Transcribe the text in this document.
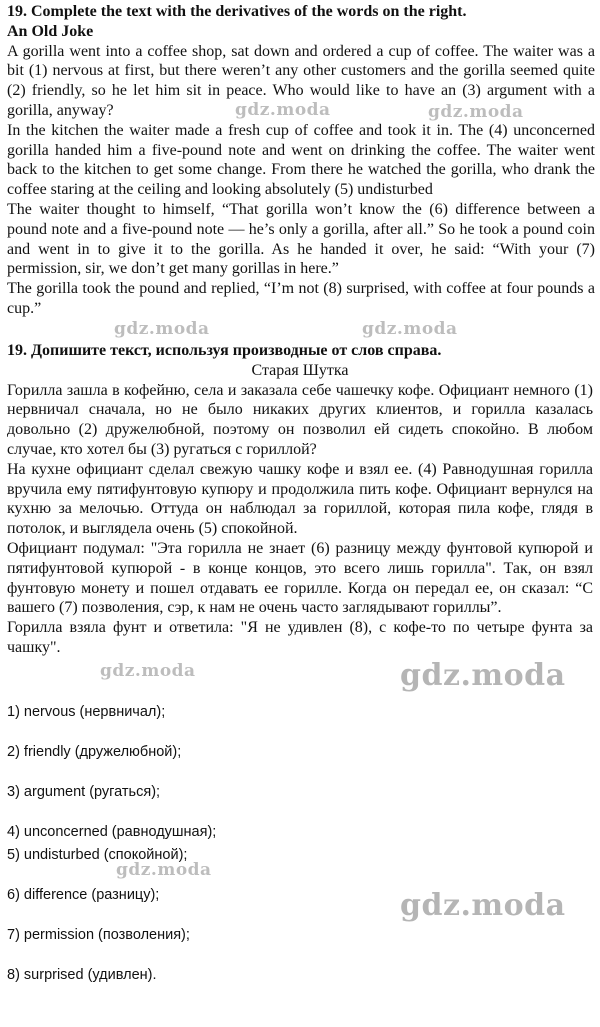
19. Complete the text with the derivatives of the words on the right.
An Old Joke

A gorilla went into a coffee shop, sat down and ordered a cup of coffee. The waiter was a bit (1) nervous at first, but there weren’t any other customers and the gorilla seemed quite (2) friendly, so he let him sit in peace. Who would like to have an (3) argument with a gorilla, anyway?

In the kitchen the waiter made a fresh cup of coffee and took it in. The (4) unconcerned gorilla handed him a five-pound note and went on drinking the coffee. The waiter went back to the kitchen to get some change. From there he watched the gorilla, who drank the coffee staring at the ceiling and looking absolutely (5) undisturbed

The waiter thought to himself, “That gorilla won’t know the (6) difference between a pound note and a five-pound note — he’s only a gorilla, after all.” So he took a pound coin and went in to give it to the gorilla. As he handed it over, he said: “With your (7) permission, sir, we don’t get many gorillas in here.”

The gorilla took the pound and replied, “I’m not (8) surprised, with coffee at four pounds a cup.”

19. Допишите текст, используя производные от слов справа.
Старая Шутка

Горилла зашла в кофейню, села и заказала себе чашечку кофе. Официант немного (1) нервничал сначала, но не было никаких других клиентов, и горилла казалась довольно (2) дружелюбной, поэтому он позволил ей сидеть спокойно. В любом случае, кто хотел бы (3) ругаться с гориллой?

На кухне официант сделал свежую чашку кофе и взял ее. (4) Равнодушная горилла вручила ему пятифунтовую купюру и продолжила пить кофе. Официант вернулся на кухню за мелочью. Оттуда он наблюдал за гориллой, которая пила кофе, глядя в потолок, и выглядела очень (5) спокойной.

Официант подумал: "Эта горилла не знает (6) разницу между фунтовой купюрой и пятифунтовой купюрой - в конце концов, это всего лишь горилла". Так, он взял фунтовую монету и пошел отдавать ее горилле. Когда он передал ее, он сказал: “С вашего (7) позволения, сэр, к нам не очень часто заглядывают гориллы”.

Горилла взяла фунт и ответила: "Я не удивлен (8), с кофе-то по четыре фунта за чашку".

1) nervous (нервничал);
2) friendly (дружелюбной);
3) argument (ругаться);
4) unconcerned (равнодушная);
5) undisturbed (спокойной);
6) difference (разницу);
7) permission (позволения);
8) surprised (удивлен).
gdz.moda	gdz.moda
gdz.moda	gdz.moda
gdz.moda	gdz.moda
gdz.moda
gdz.moda
